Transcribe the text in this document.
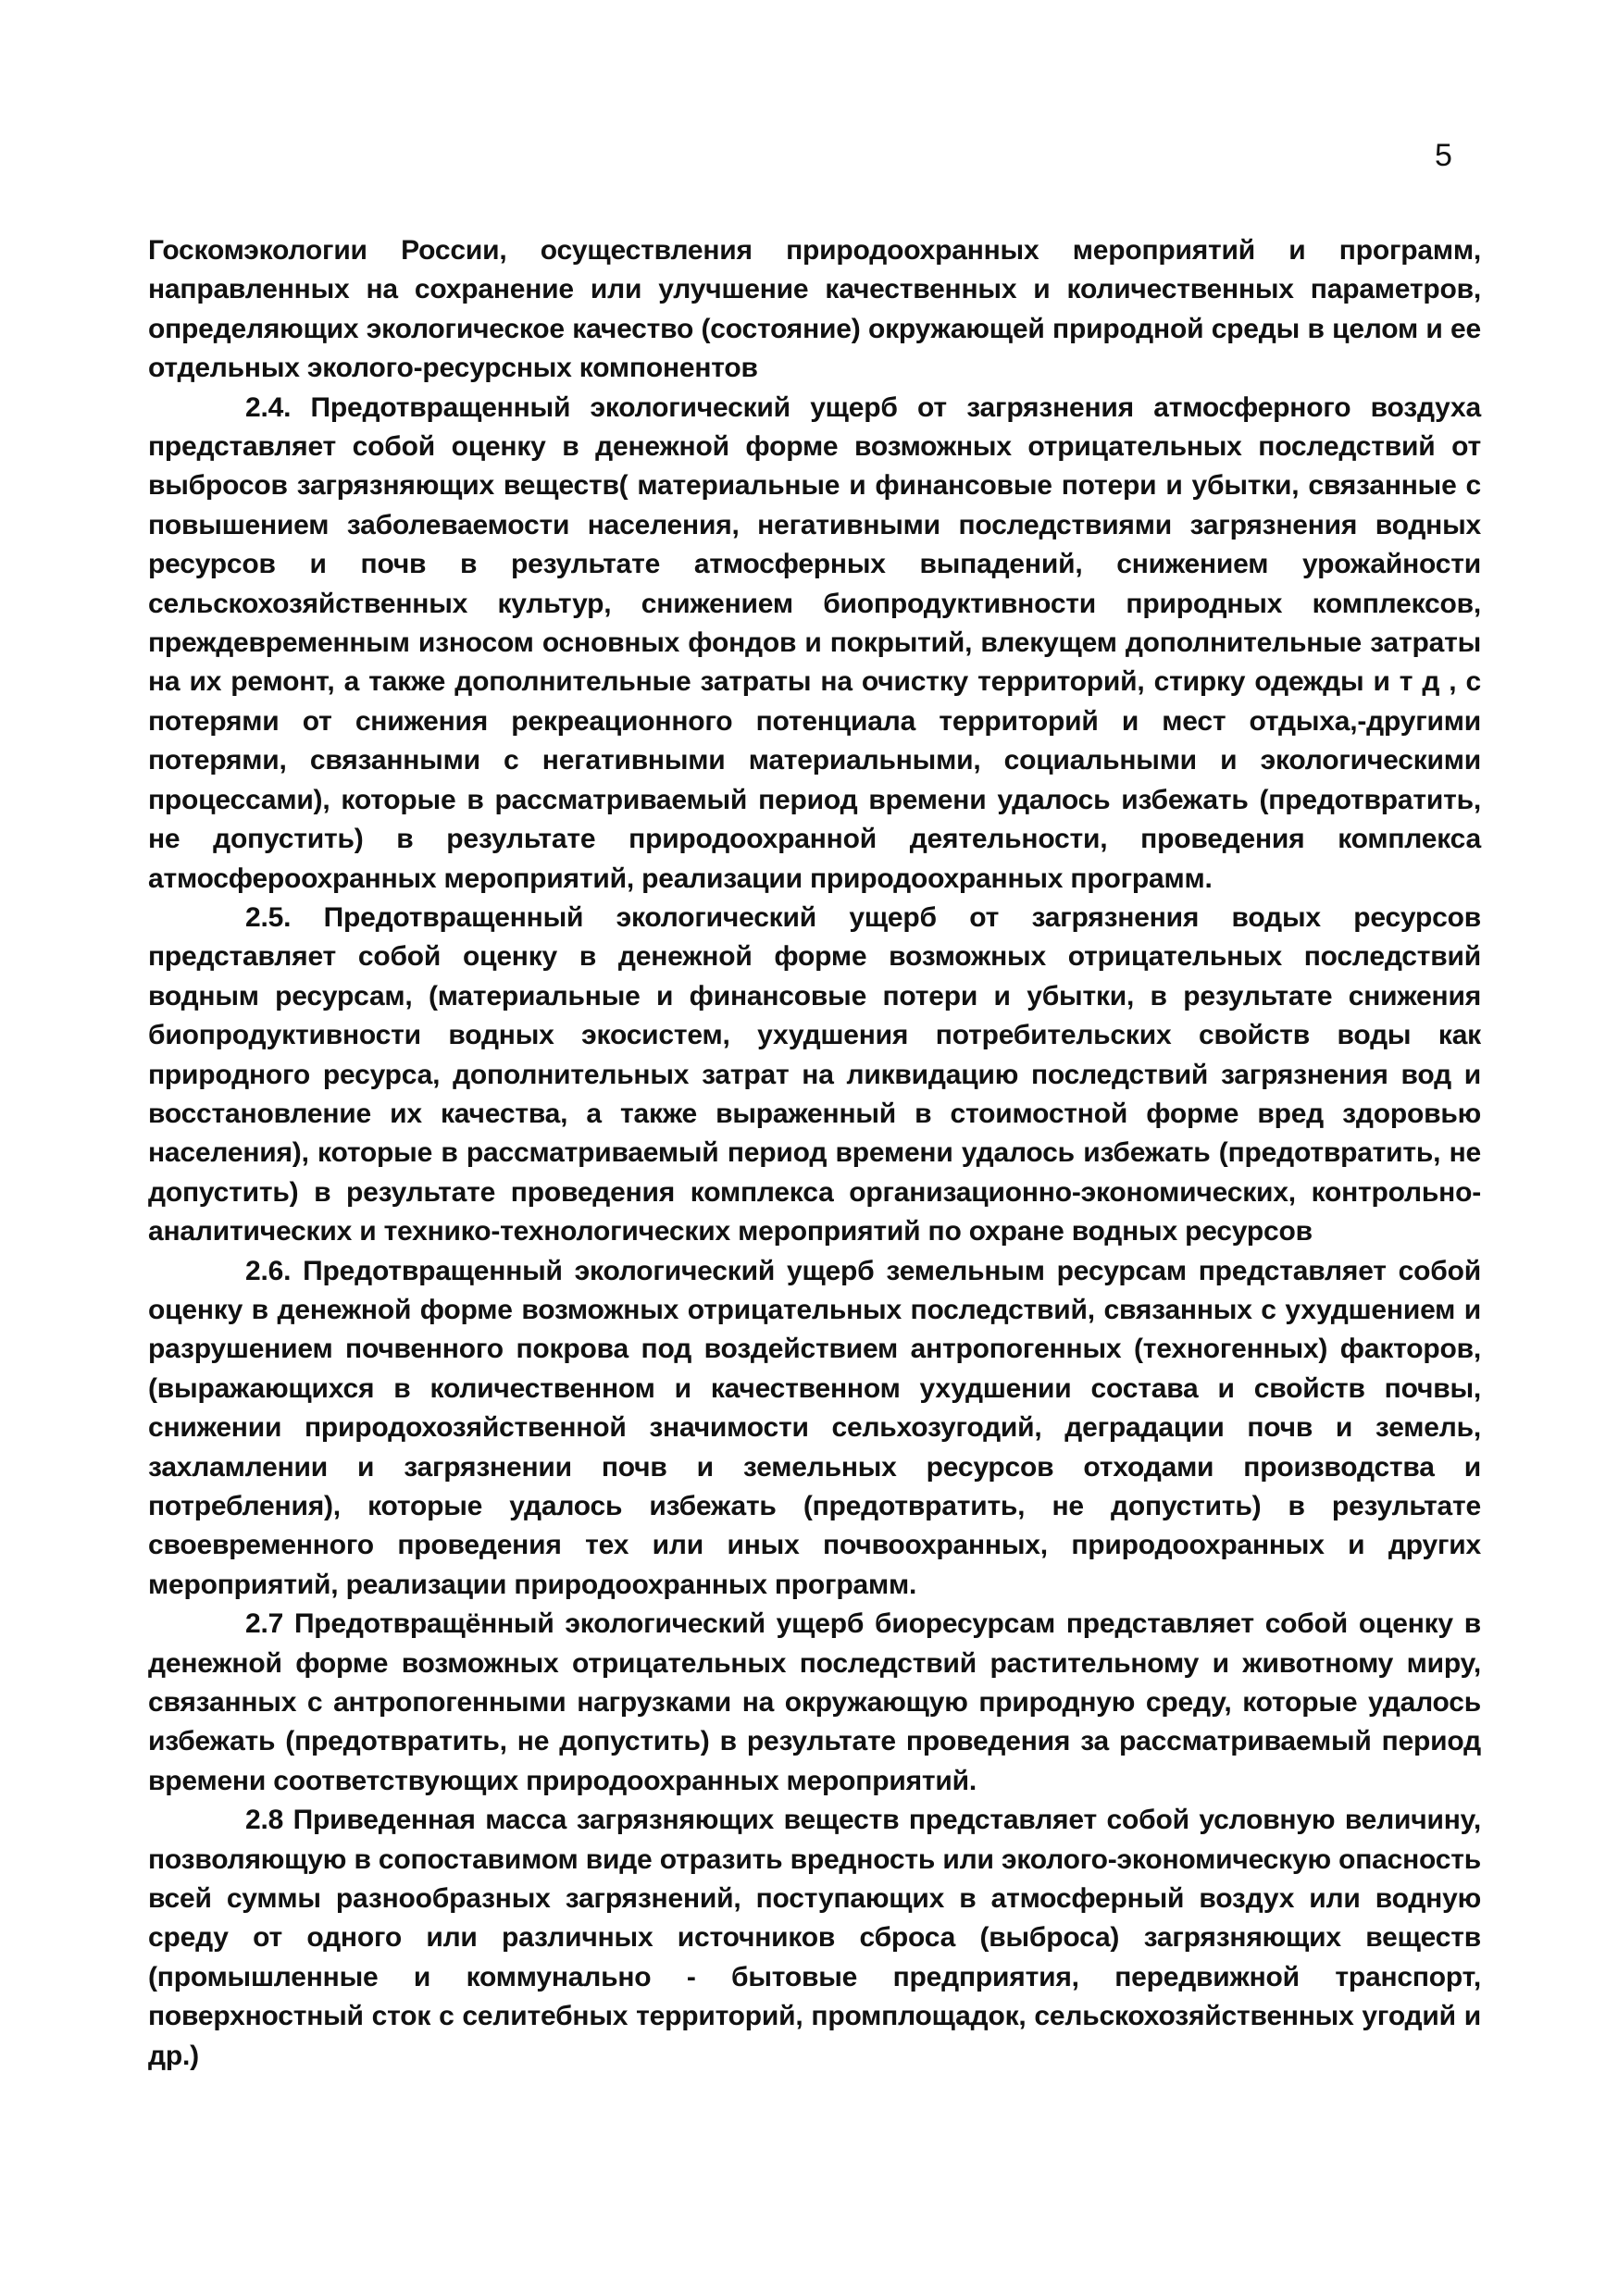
5

Госкомэкологии России, осуществления природоохранных мероприятий и программ, направленных на сохранение или улучшение качественных и количественных параметров, определяющих экологическое качество (состояние) окружающей природной среды в целом и ее отдельных эколого-ресурсных компонентов

2.4. Предотвращенный экологический ущерб от загрязнения атмосферного воздуха представляет собой оценку в денежной форме возможных отрицательных последствий от выбросов загрязняющих веществ( материальные и финансовые потери и убытки, связанные с повышением заболеваемости населения, негативными последствиями загрязнения водных ресурсов и почв в результате атмосферных выпадений, снижением урожайности сельскохозяйственных культур, снижением биопродуктивности природных комплексов, преждевременным износом основных фондов и покрытий, влекущем дополнительные затраты на их ремонт, а также дополнительные затраты на очистку территорий, стирку одежды и т д , с потерями от снижения рекреационного потенциала территорий и мест отдыха,-другими потерями, связанными с негативными материальными, социальными и экологическими процессами), которые в рассматриваемый период времени удалось избежать (предотвратить, не допустить) в результате природоохранной деятельности, проведения комплекса атмосфероохранных мероприятий, реализации природоохранных программ.

2.5. Предотвращенный экологический ущерб от загрязнения водых ресурсов представляет собой оценку в денежной форме возможных отрицательных последствий водным ресурсам, (материальные и финансовые потери и убытки, в результате снижения биопродуктивности водных экосистем, ухудшения потребительских свойств воды как природного ресурса, дополнительных затрат на ликвидацию последствий загрязнения вод и восстановление их качества, а также выраженный в стоимостной форме вред здоровью населения), которые в рассматриваемый период времени удалось избежать (предотвратить, не допустить) в результате проведения комплекса организационно-экономических, контрольно-аналитических и технико-технологических мероприятий по охране водных ресурсов

2.6. Предотвращенный экологический ущерб земельным ресурсам представляет собой оценку в денежной форме возможных отрицательных последствий, связанных с ухудшением и разрушением почвенного покрова под воздействием антропогенных (техногенных) факторов, (выражающихся в количественном и качественном ухудшении состава и свойств почвы, снижении природохозяйственной значимости сельхозугодий, деградации почв и земель, захламлении и загрязнении почв и земельных ресурсов отходами производства и потребления), которые удалось избежать (предотвратить, не допустить) в результате своевременного проведения тех или иных почвоохранных, природоохранных и других мероприятий, реализации природоохранных программ.

2.7 Предотвращённый экологический ущерб биоресурсам представляет собой оценку в денежной форме возможных отрицательных последствий растительному и животному миру, связанных с антропогенными нагрузками на окружающую природную среду, которые удалось избежать (предотвратить, не допустить) в результате проведения за рассматриваемый период времени соответствующих природоохранных мероприятий.

2.8 Приведенная масса загрязняющих веществ представляет собой условную величину, позволяющую в сопоставимом виде отразить вредность или эколого-экономическую опасность всей суммы разнообразных загрязнений, поступающих в атмосферный воздух или водную среду от одного или различных источников сброса (выброса) загрязняющих веществ (промышленные и коммунально - бытовые предприятия, передвижной транспорт, поверхностный сток с селитебных территорий, промплощадок, сельскохозяйственных угодий и др.)
